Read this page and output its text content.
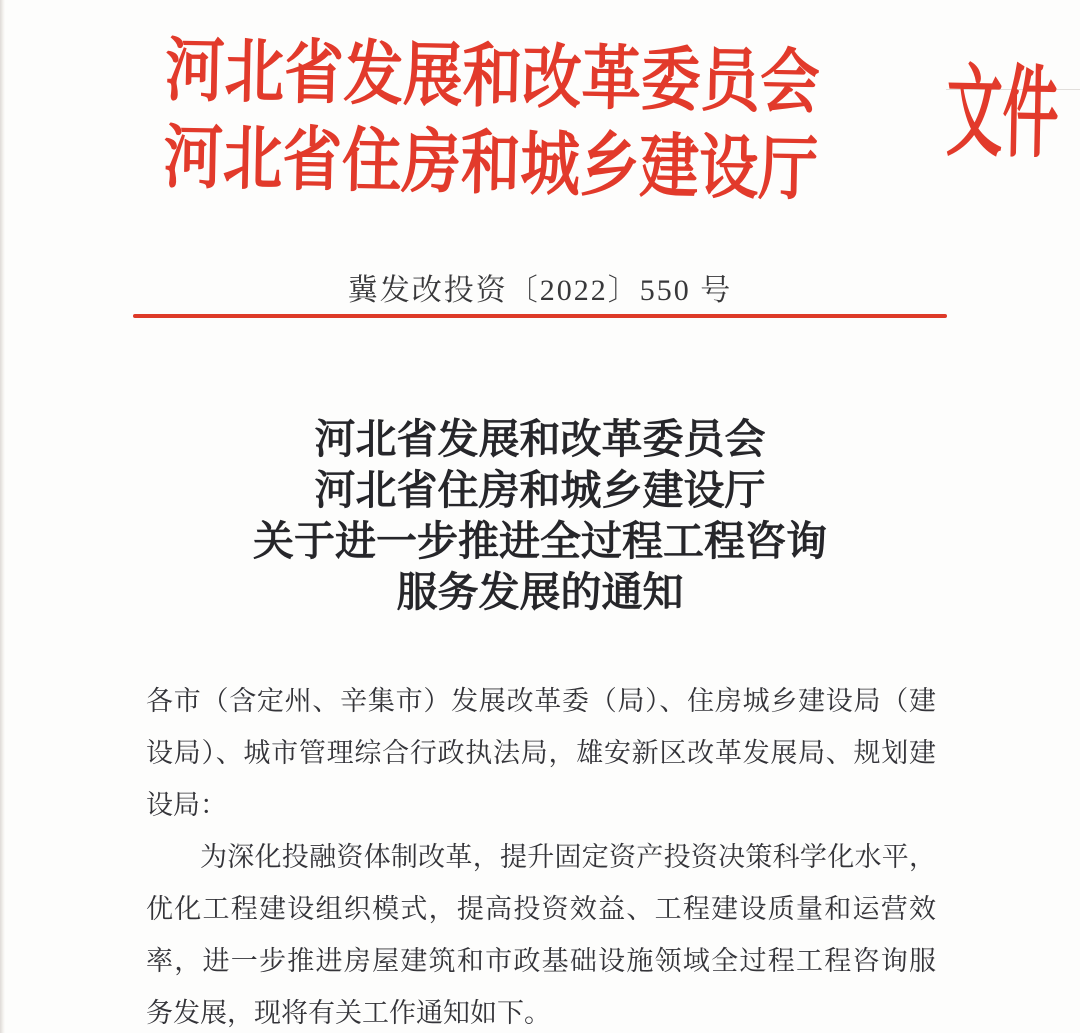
河北省发展和改革委员会
河北省住房和城乡建设厅 文件
冀发改投资〔2022〕550 号
河北省发展和改革委员会
河北省住房和城乡建设厅
关于进一步推进全过程工程咨询
服务发展的通知

各市（含定州、辛集市）发展改革委（局）、住房城乡建设局（建

设局）、城市管理综合行政执法局，雄安新区改革发展局、规划建

设局：

为深化投融资体制改革，提升固定资产投资决策科学化水平，

优化工程建设组织模式，提高投资效益、工程建设质量和运营效

率，进一步推进房屋建筑和市政基础设施领域全过程工程咨询服

务发展，现将有关工作通知如下。
